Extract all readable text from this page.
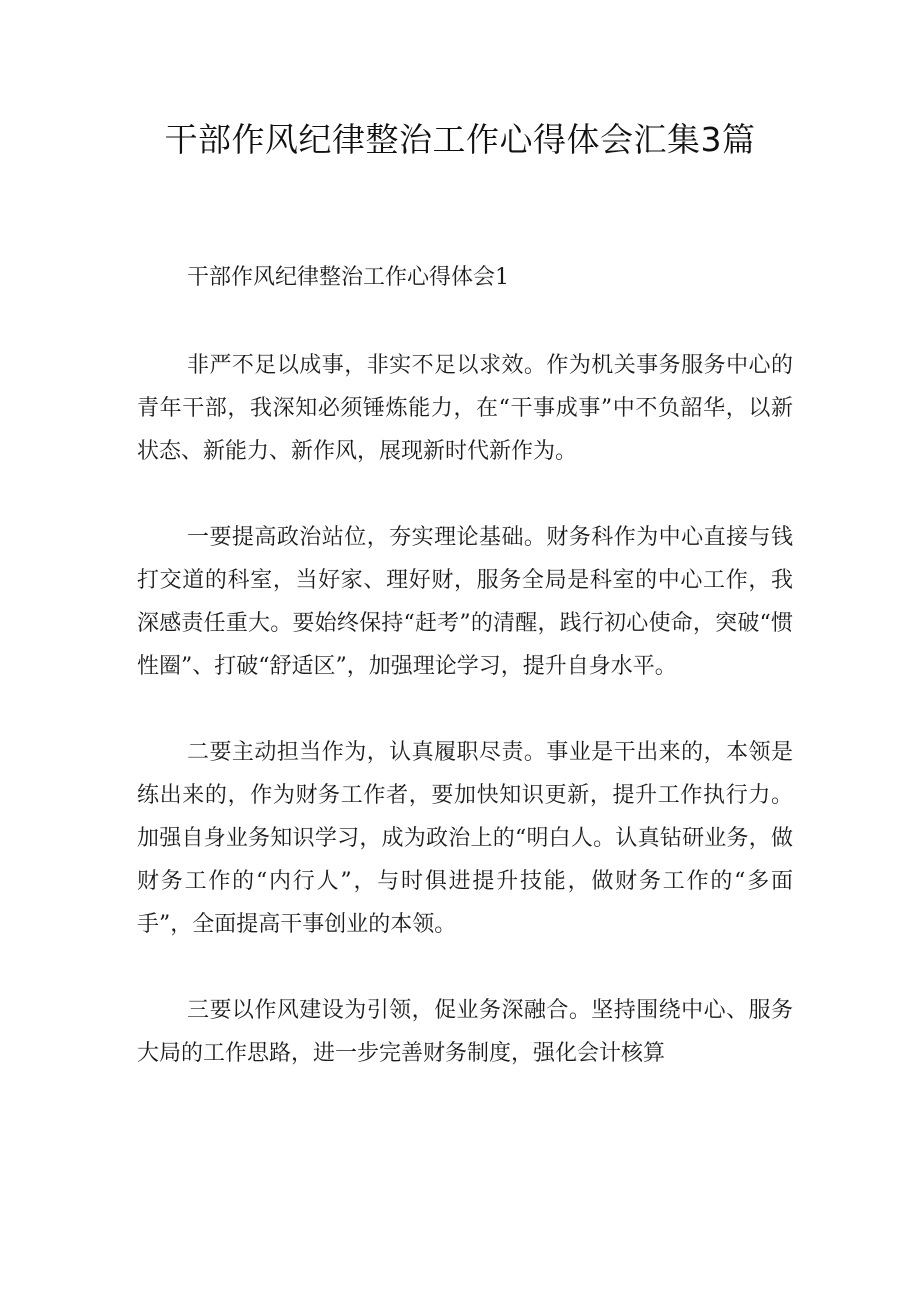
干部作风纪律整治工作心得体会汇集3篇
干部作风纪律整治工作心得体会1

非严不足以成事，非实不足以求效。作为机关事务服务中心的青年干部，我深知必须锤炼能力，在“干事成事”中不负韶华，以新状态、新能力、新作风，展现新时代新作为。

一要提高政治站位，夯实理论基础。财务科作为中心直接与钱打交道的科室，当好家、理好财，服务全局是科室的中心工作，我深感责任重大。要始终保持“赶考”的清醒，践行初心使命，突破“惯性圈”、打破“舒适区”，加强理论学习，提升自身水平。

二要主动担当作为，认真履职尽责。事业是干出来的，本领是练出来的，作为财务工作者，要加快知识更新，提升工作执行力。加强自身业务知识学习，成为政治上的“明白人。认真钻研业务，做财务工作的“内行人”，与时俱进提升技能，做财务工作的“多面手”，全面提高干事创业的本领。

三要以作风建设为引领，促业务深融合。坚持围绕中心、服务大局的工作思路，进一步完善财务制度，强化会计核算
